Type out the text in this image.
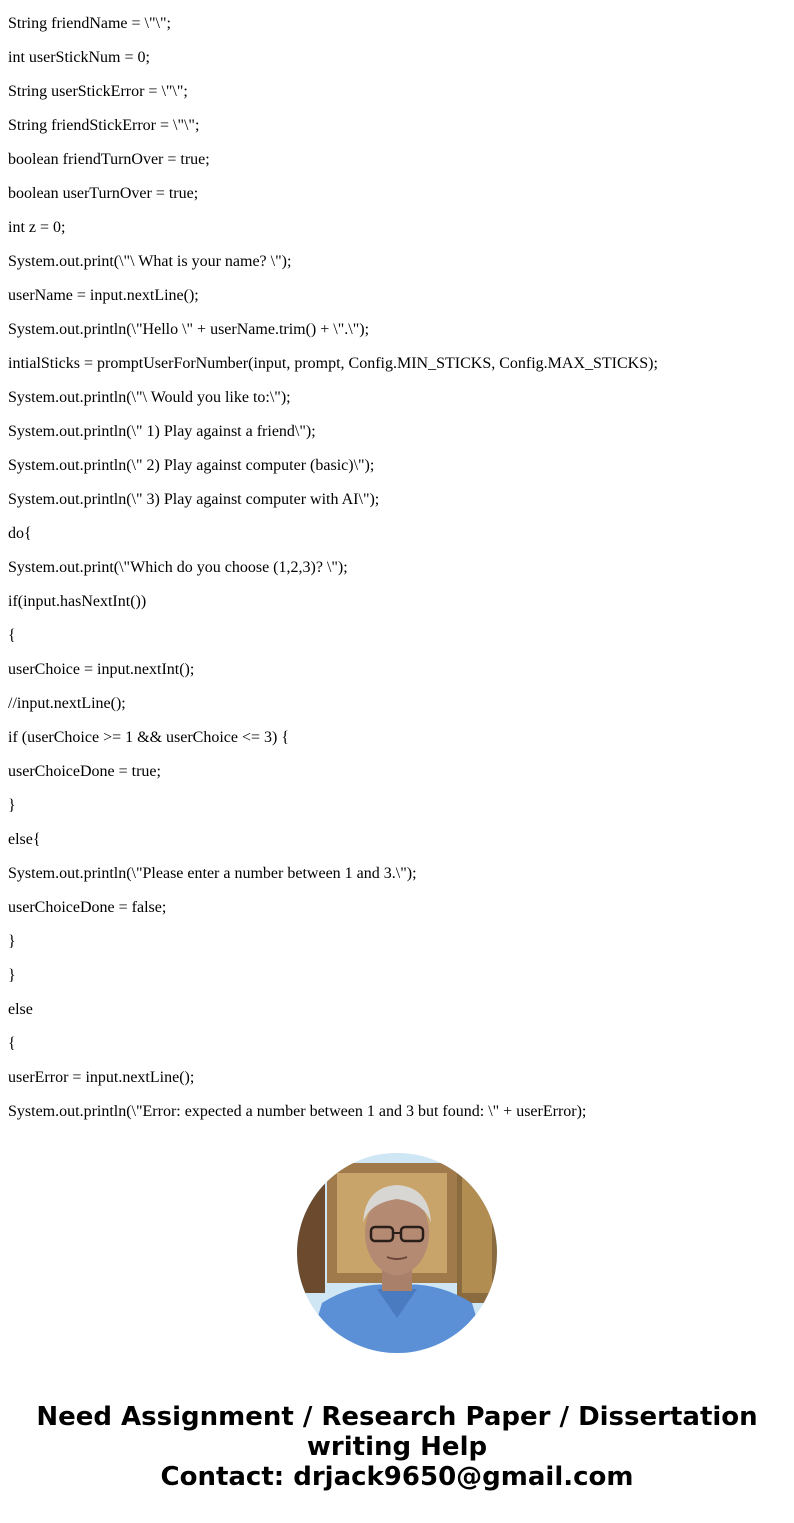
String friendName = \"\";
int userStickNum = 0;
String userStickError = \"\";
String friendStickError = \"\";
boolean friendTurnOver = true;
boolean userTurnOver = true;
int z = 0;
System.out.print(\"\ What is your name? \");
userName = input.nextLine();
System.out.println(\"Hello \" + userName.trim() + \".\");
intialSticks = promptUserForNumber(input, prompt, Config.MIN_STICKS, Config.MAX_STICKS);
System.out.println(\"\ Would you like to:\");
System.out.println(\" 1) Play against a friend\");
System.out.println(\" 2) Play against computer (basic)\");
System.out.println(\" 3) Play against computer with AI\");
do{
System.out.print(\"Which do you choose (1,2,3)? \");
if(input.hasNextInt())
{
userChoice = input.nextInt();
//input.nextLine();
if (userChoice >= 1 && userChoice <= 3) {
userChoiceDone = true;
}
else{
System.out.println(\"Please enter a number between 1 and 3.\");
userChoiceDone = false;
}
}
else
{
userError = input.nextLine();
System.out.println(\"Error: expected a number between 1 and 3 but found: \" + userError);
Need Assignment / Research Paper / Dissertation
writing Help
Contact: drjack9650@gmail.com
